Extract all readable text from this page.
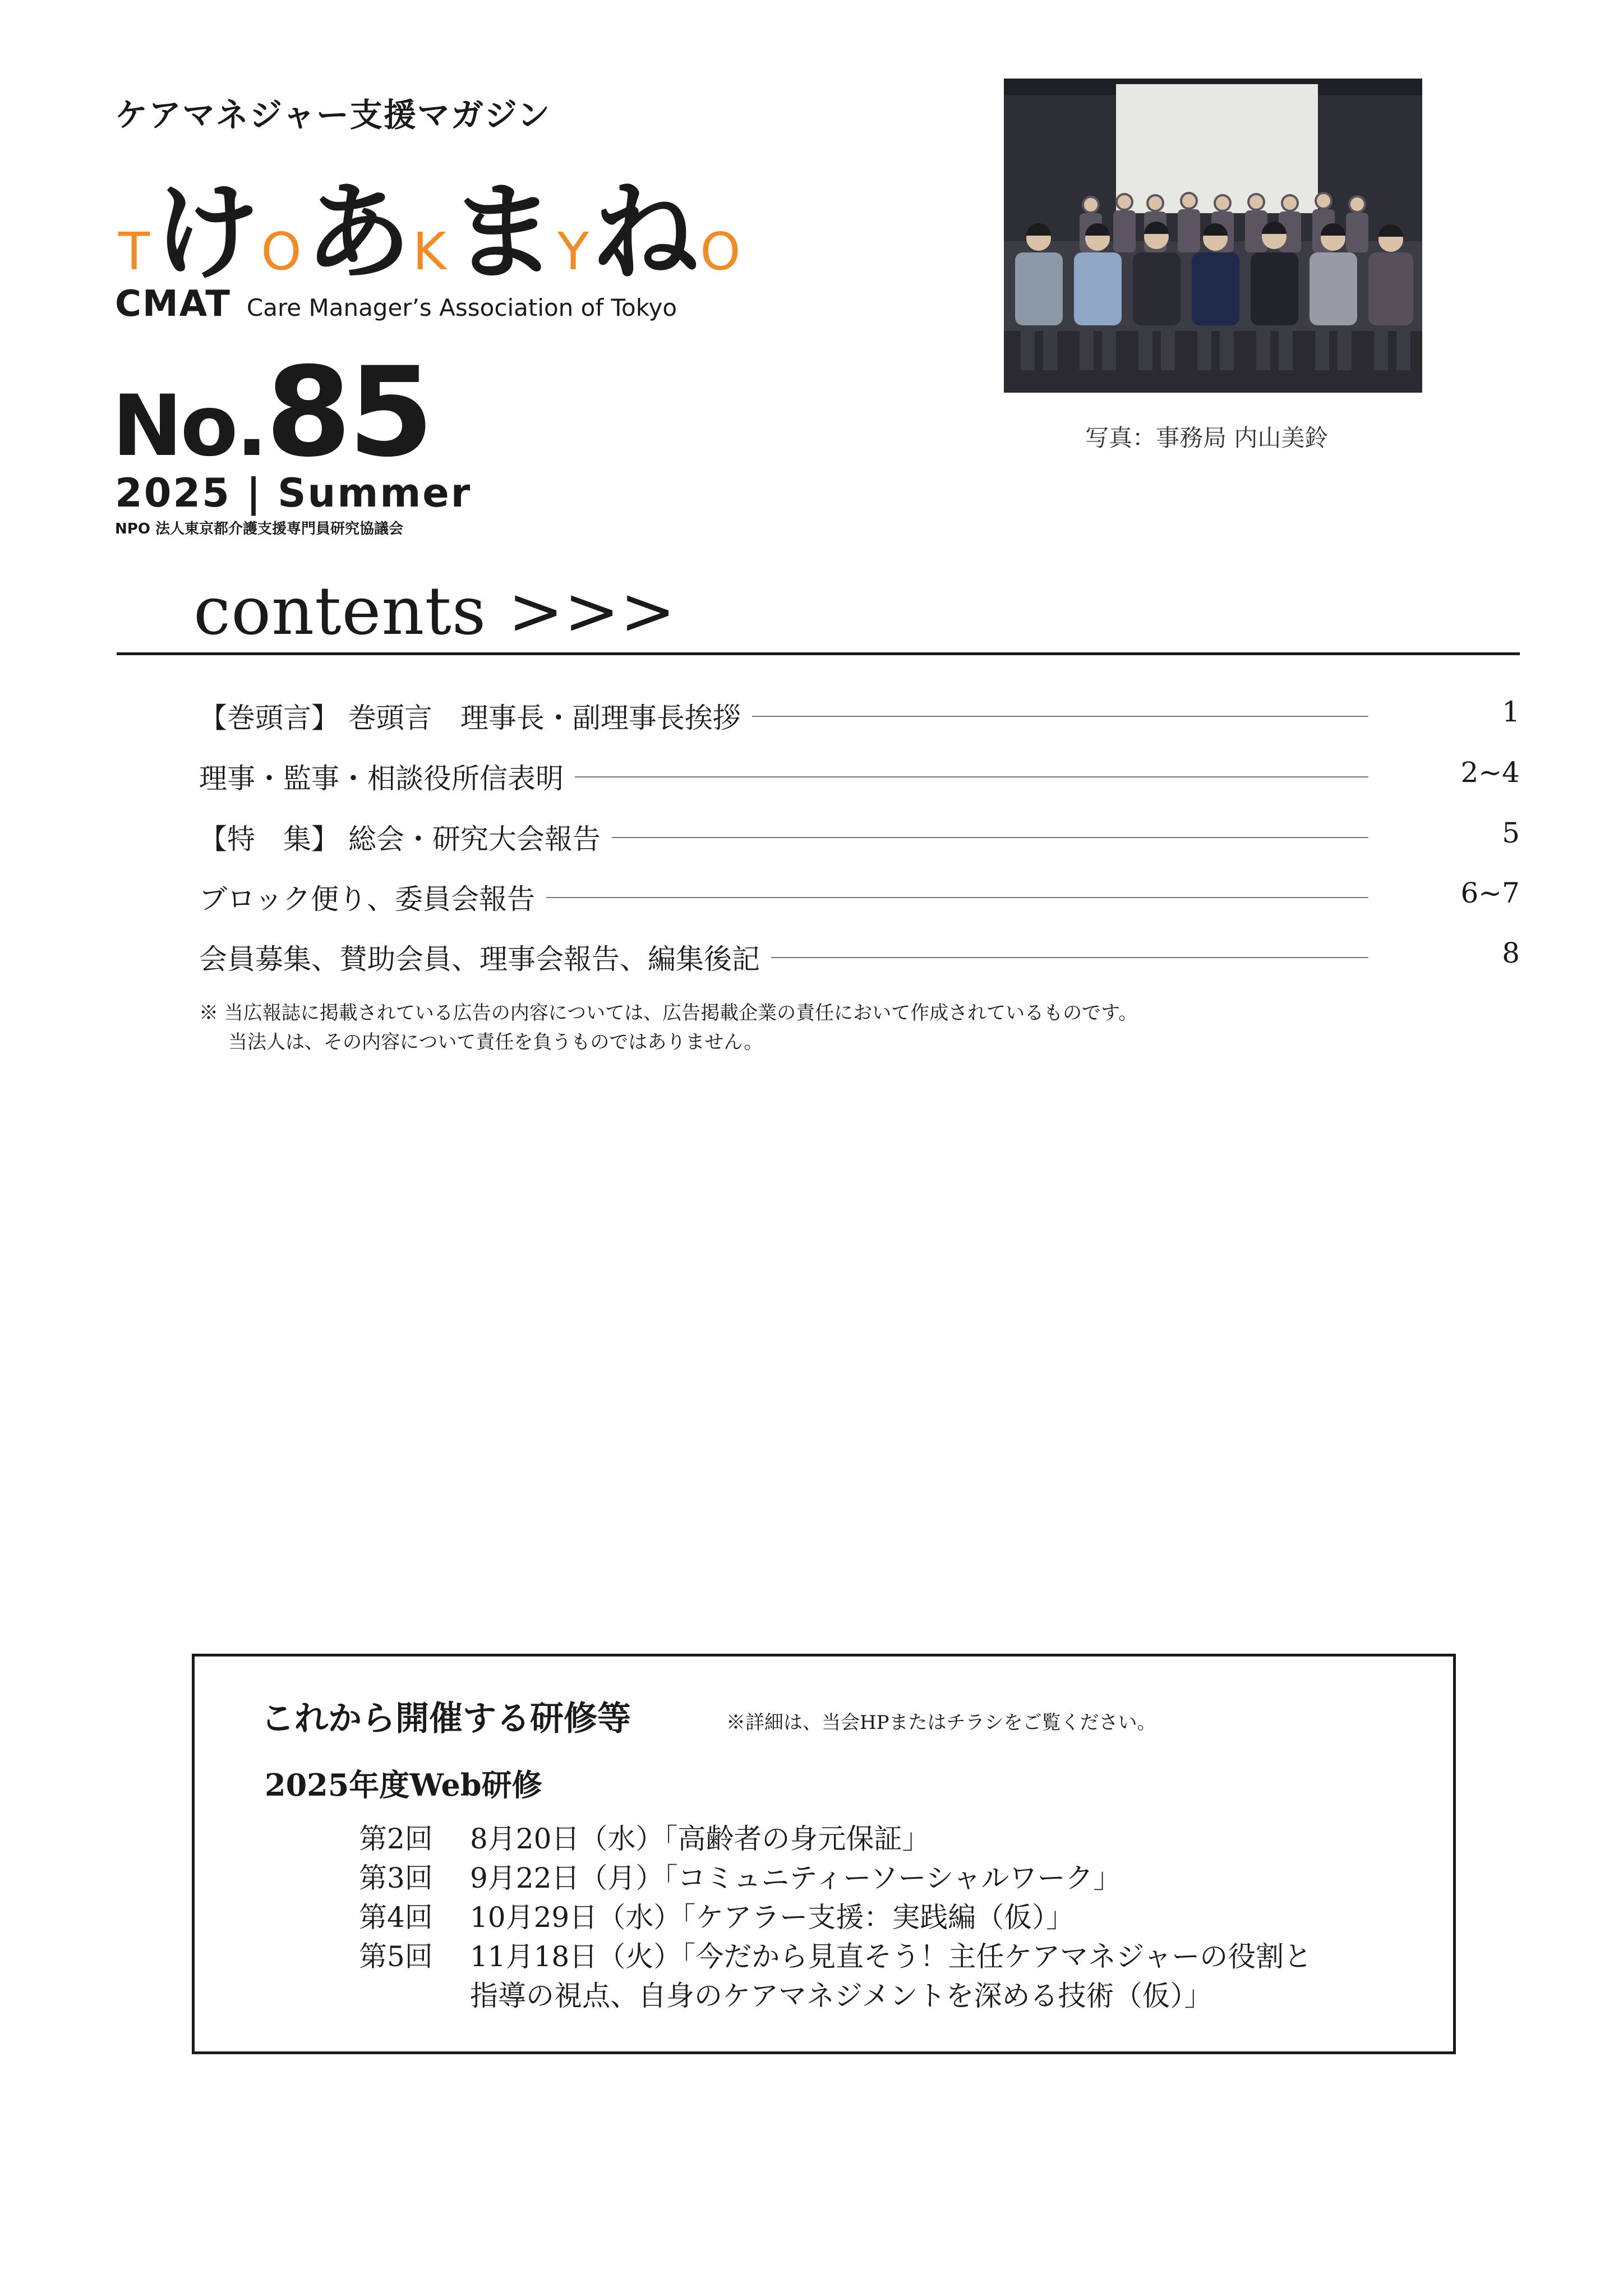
ケアマネジャー支援マガジン
TけOあKまYねO
CMAT Care Manager’s Association of Tokyo
No.85
2025 | Summer
NPO 法人東京都介護支援専門員研究協議会
写真：事務局 内山美鈴
contents >>>
【巻頭言】 巻頭言　理事長・副理事長挨拶	1
理事・監事・相談役所信表明	2~4
【特　集】 総会・研究大会報告	5
ブロック便り、委員会報告	6~7
会員募集、賛助会員、理事会報告、編集後記	8
※ 当広報誌に掲載されている広告の内容については、広告掲載企業の責任において作成されているものです。
当法人は、その内容について責任を負うものではありません。
これから開催する研修等	※詳細は、当会HPまたはチラシをご覧ください。
2025年度Web研修
第2回 8月20日（水）「高齢者の身元保証」
第3回 9月22日（月）「コミュニティーソーシャルワーク」
第4回 10月29日（水）「ケアラー支援：実践編（仮）」
第5回 11月18日（火）「今だから見直そう！主任ケアマネジャーの役割と
指導の視点、自身のケアマネジメントを深める技術（仮）」
